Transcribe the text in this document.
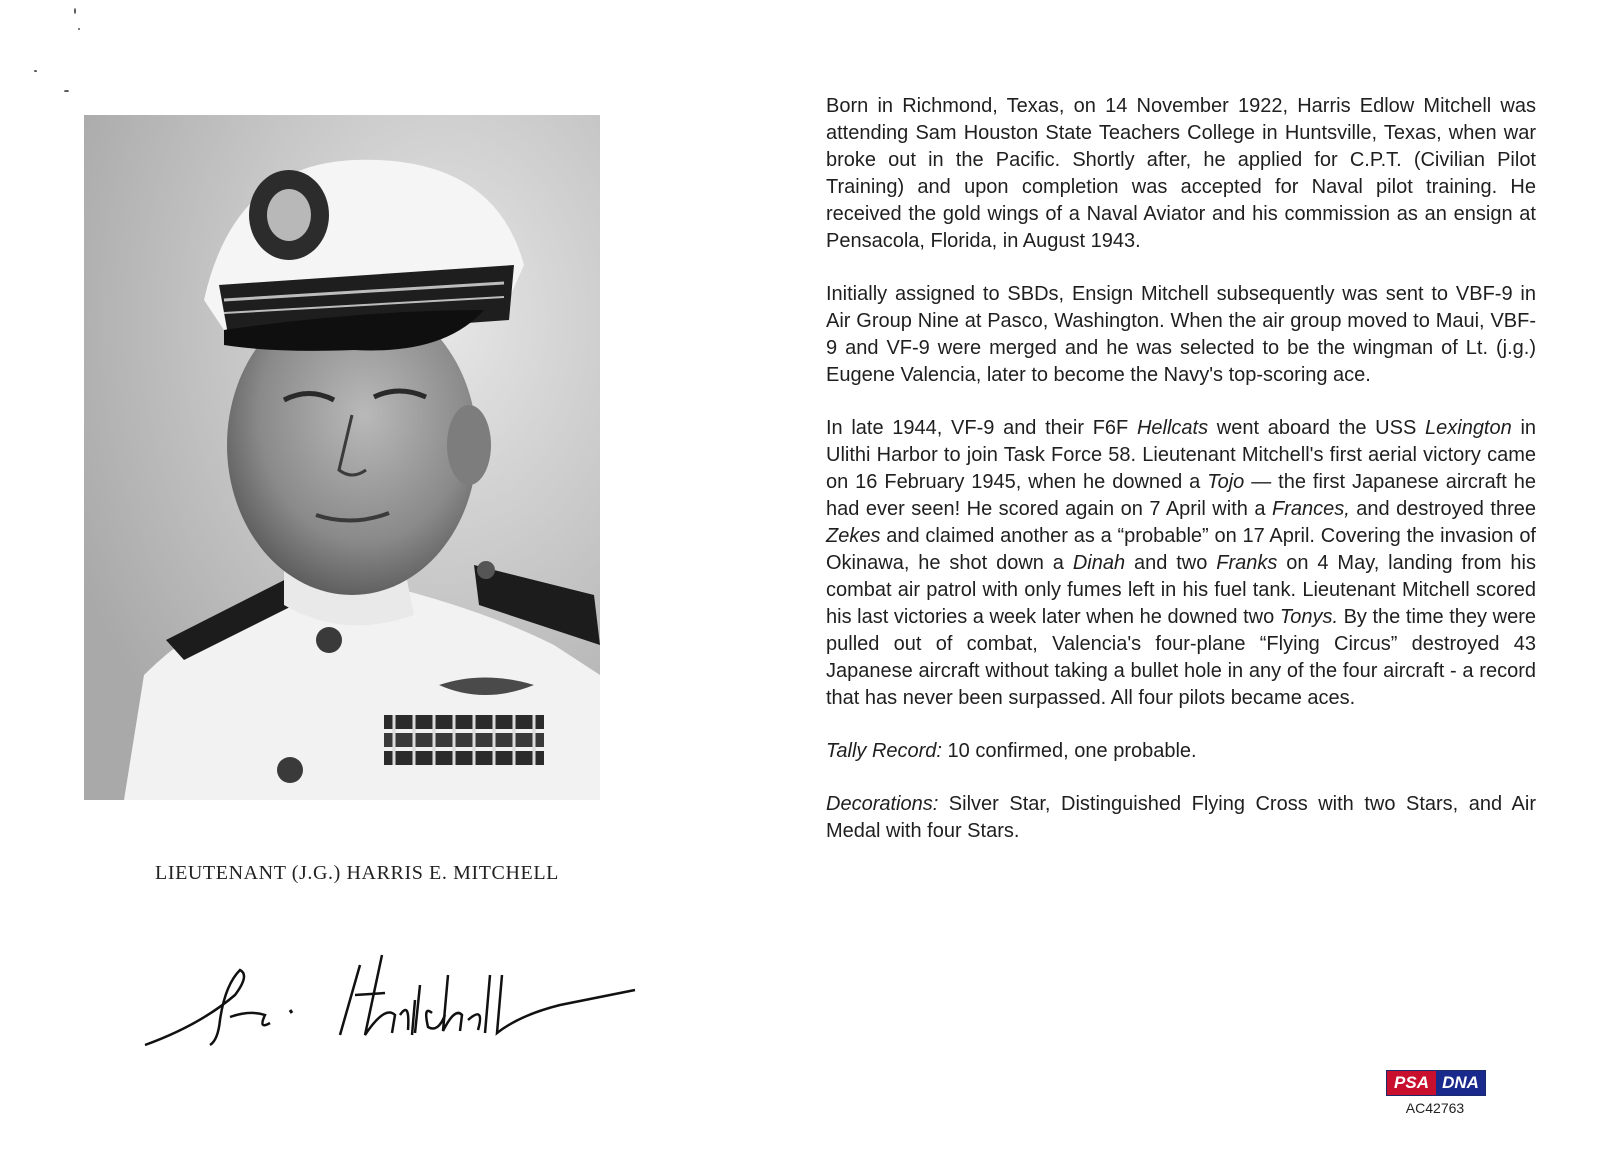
LIEUTENANT (J.G.) HARRIS E. MITCHELL

Born in Richmond, Texas, on 14 November 1922, Harris Edlow Mitchell was attending Sam Houston State Teachers College in Huntsville, Texas, when war broke out in the Pacific. Shortly after, he applied for C.P.T. (Civilian Pilot Training) and upon completion was accepted for Naval pilot training. He received the gold wings of a Naval Aviator and his commission as an ensign at Pensacola, Florida, in August 1943.

Initially assigned to SBDs, Ensign Mitchell subsequently was sent to VBF-9 in Air Group Nine at Pasco, Washington. When the air group moved to Maui, VBF-9 and VF-9 were merged and he was selected to be the wingman of Lt. (j.g.) Eugene Valencia, later to become the Navy's top-scoring ace.

In late 1944, VF-9 and their F6F Hellcats went aboard the USS Lexington in Ulithi Harbor to join Task Force 58. Lieutenant Mitchell's first aerial victory came on 16 February 1945, when he downed a Tojo — the first Japanese aircraft he had ever seen! He scored again on 7 April with a Frances, and destroyed three Zekes and claimed another as a “probable” on 17 April. Covering the invasion of Okinawa, he shot down a Dinah and two Franks on 4 May, landing from his combat air patrol with only fumes left in his fuel tank. Lieutenant Mitchell scored his last victories a week later when he downed two Tonys. By the time they were pulled out of combat, Valencia's four-plane “Flying Circus” destroyed 43 Japanese aircraft without taking a bullet hole in any of the four aircraft - a record that has never been surpassed. All four pilots became aces.

Tally Record: 10 confirmed, one probable.

Decorations: Silver Star, Distinguished Flying Cross with two Stars, and Air Medal with four Stars.

PSA DNA
AC42763
